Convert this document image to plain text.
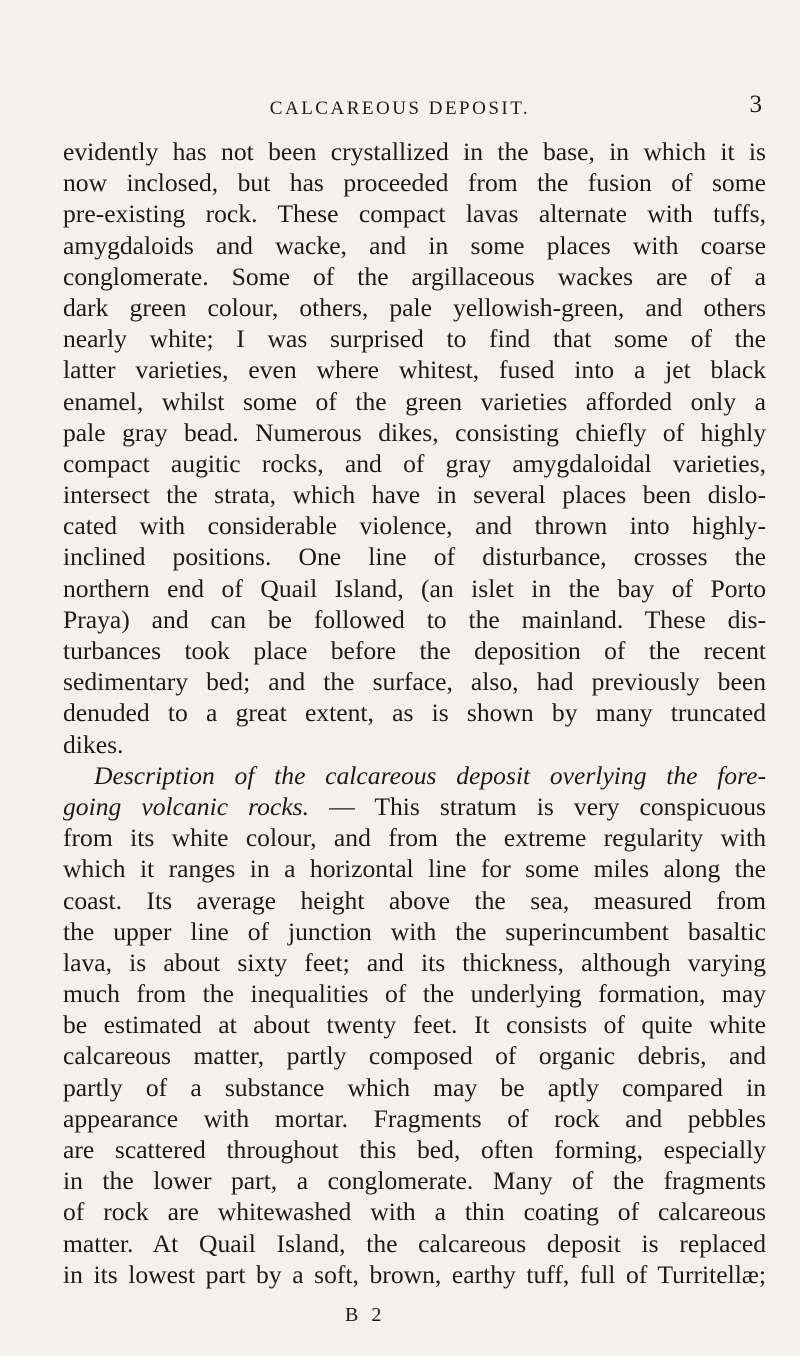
CALCAREOUS DEPOSIT.	3
evidently has not been crystallized in the base, in which it is
now inclosed, but has proceeded from the fusion of some
pre-existing rock. These compact lavas alternate with tuffs,
amygdaloids and wacke, and in some places with coarse
conglomerate. Some of the argillaceous wackes are of a
dark green colour, others, pale yellowish-green, and others
nearly white; I was surprised to find that some of the
latter varieties, even where whitest, fused into a jet black
enamel, whilst some of the green varieties afforded only a
pale gray bead. Numerous dikes, consisting chiefly of highly
compact augitic rocks, and of gray amygdaloidal varieties,
intersect the strata, which have in several places been dislo-
cated with considerable violence, and thrown into highly-
inclined positions. One line of disturbance, crosses the
northern end of Quail Island, (an islet in the bay of Porto
Praya) and can be followed to the mainland. These dis-
turbances took place before the deposition of the recent
sedimentary bed; and the surface, also, had previously been
denuded to a great extent, as is shown by many truncated
dikes.
Description of the calcareous deposit overlying the fore-
going volcanic rocks. — This stratum is very conspicuous
from its white colour, and from the extreme regularity with
which it ranges in a horizontal line for some miles along the
coast. Its average height above the sea, measured from
the upper line of junction with the superincumbent basaltic
lava, is about sixty feet; and its thickness, although varying
much from the inequalities of the underlying formation, may
be estimated at about twenty feet. It consists of quite white
calcareous matter, partly composed of organic debris, and
partly of a substance which may be aptly compared in
appearance with mortar. Fragments of rock and pebbles
are scattered throughout this bed, often forming, especially
in the lower part, a conglomerate. Many of the fragments
of rock are whitewashed with a thin coating of calcareous
matter. At Quail Island, the calcareous deposit is replaced
in its lowest part by a soft, brown, earthy tuff, full of Turritellæ;
B 2
